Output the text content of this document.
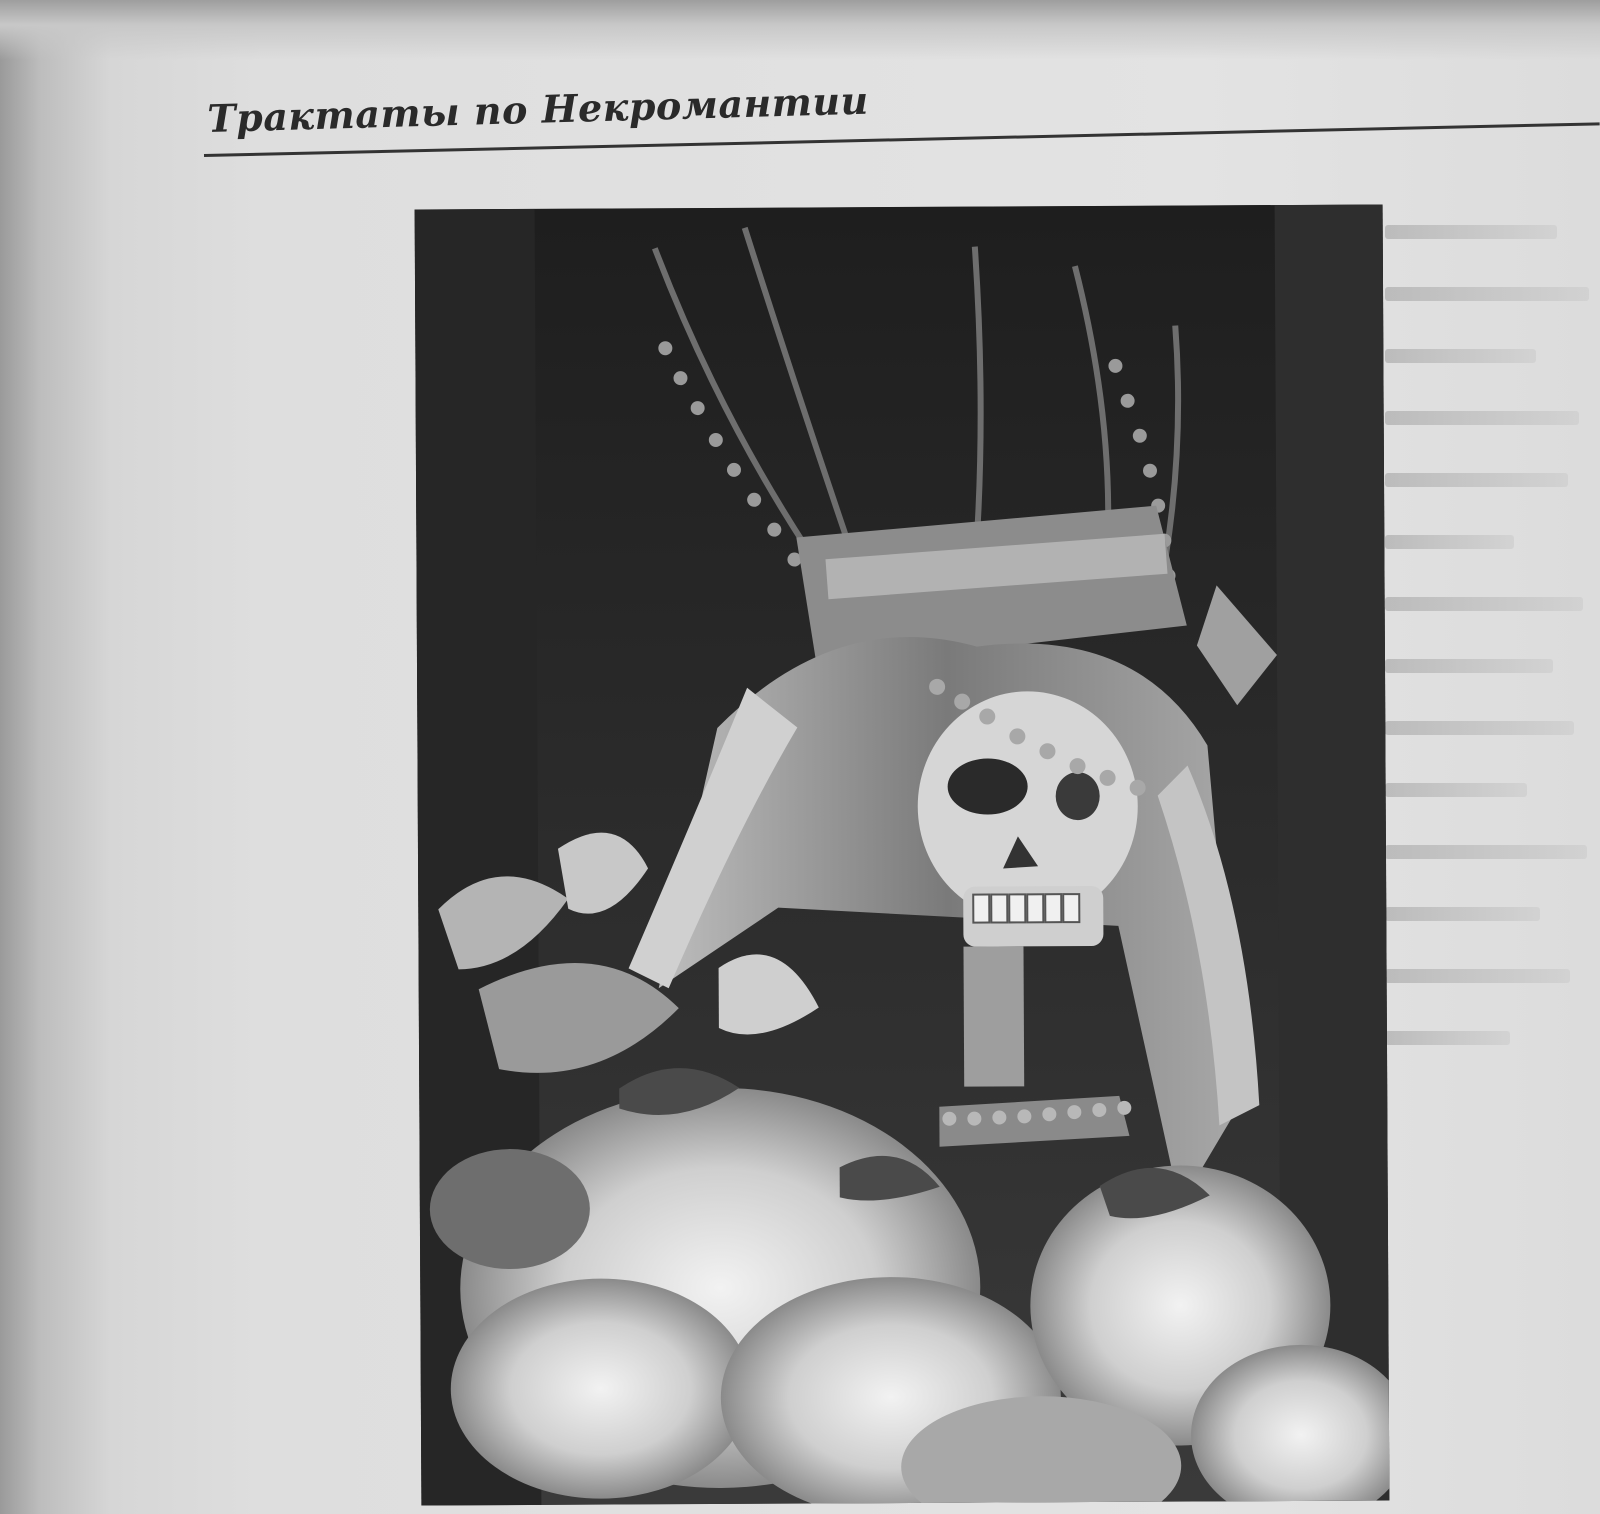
Трактаты по Некромантии
